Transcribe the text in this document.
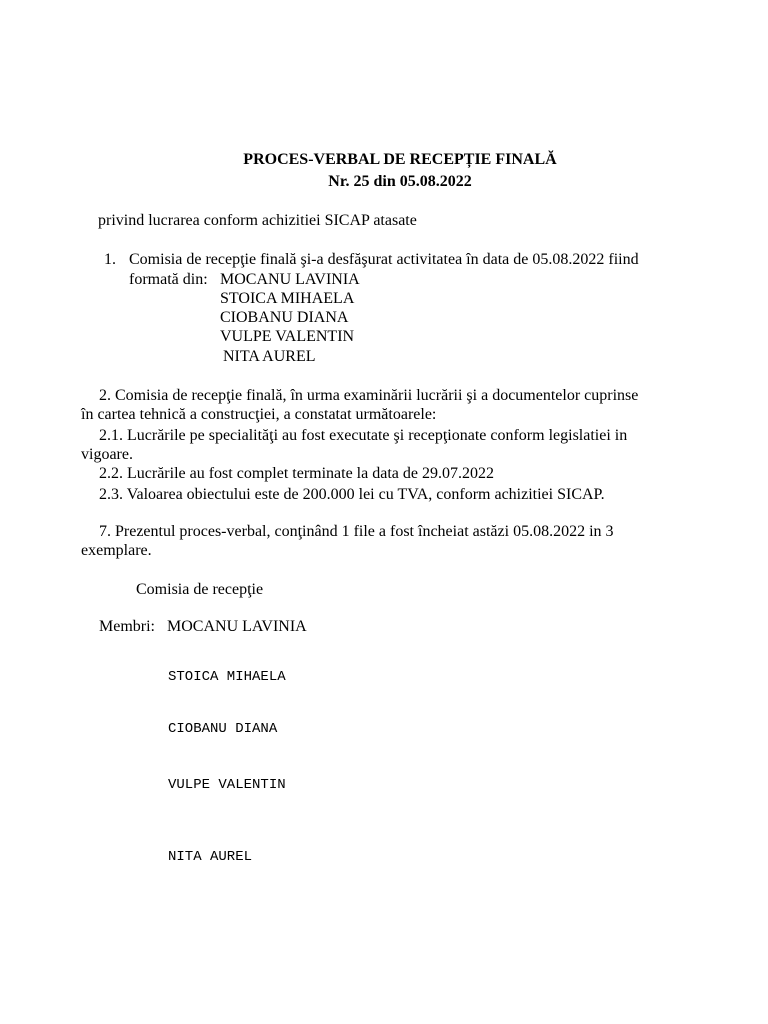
PROCES-VERBAL DE RECEPȚIE FINALĂ
Nr. 25 din 05.08.2022
privind lucrarea conform achizitiei SICAP atasate
1. Comisia de recepţie finală şi-a desfăşurat activitatea în data de 05.08.2022 fiind
formată din: MOCANU LAVINIA
STOICA MIHAELA
CIOBANU DIANA
VULPE VALENTIN
NITA AUREL
2. Comisia de recepţie finală, în urma examinării lucrării şi a documentelor cuprinse
în cartea tehnică a construcţiei, a constatat următoarele:
2.1. Lucrările pe specialităţi au fost executate şi recepţionate conform legislatiei in
vigoare.
2.2. Lucrările au fost complet terminate la data de 29.07.2022
2.3. Valoarea obiectului este de 200.000 lei cu TVA, conform achizitiei SICAP.
7. Prezentul proces-verbal, conţinând 1 file a fost încheiat astăzi 05.08.2022 in 3
exemplare.
Comisia de recepţie
Membri: MOCANU LAVINIA
STOICA MIHAELA
CIOBANU DIANA
VULPE VALENTIN
NITA AUREL
